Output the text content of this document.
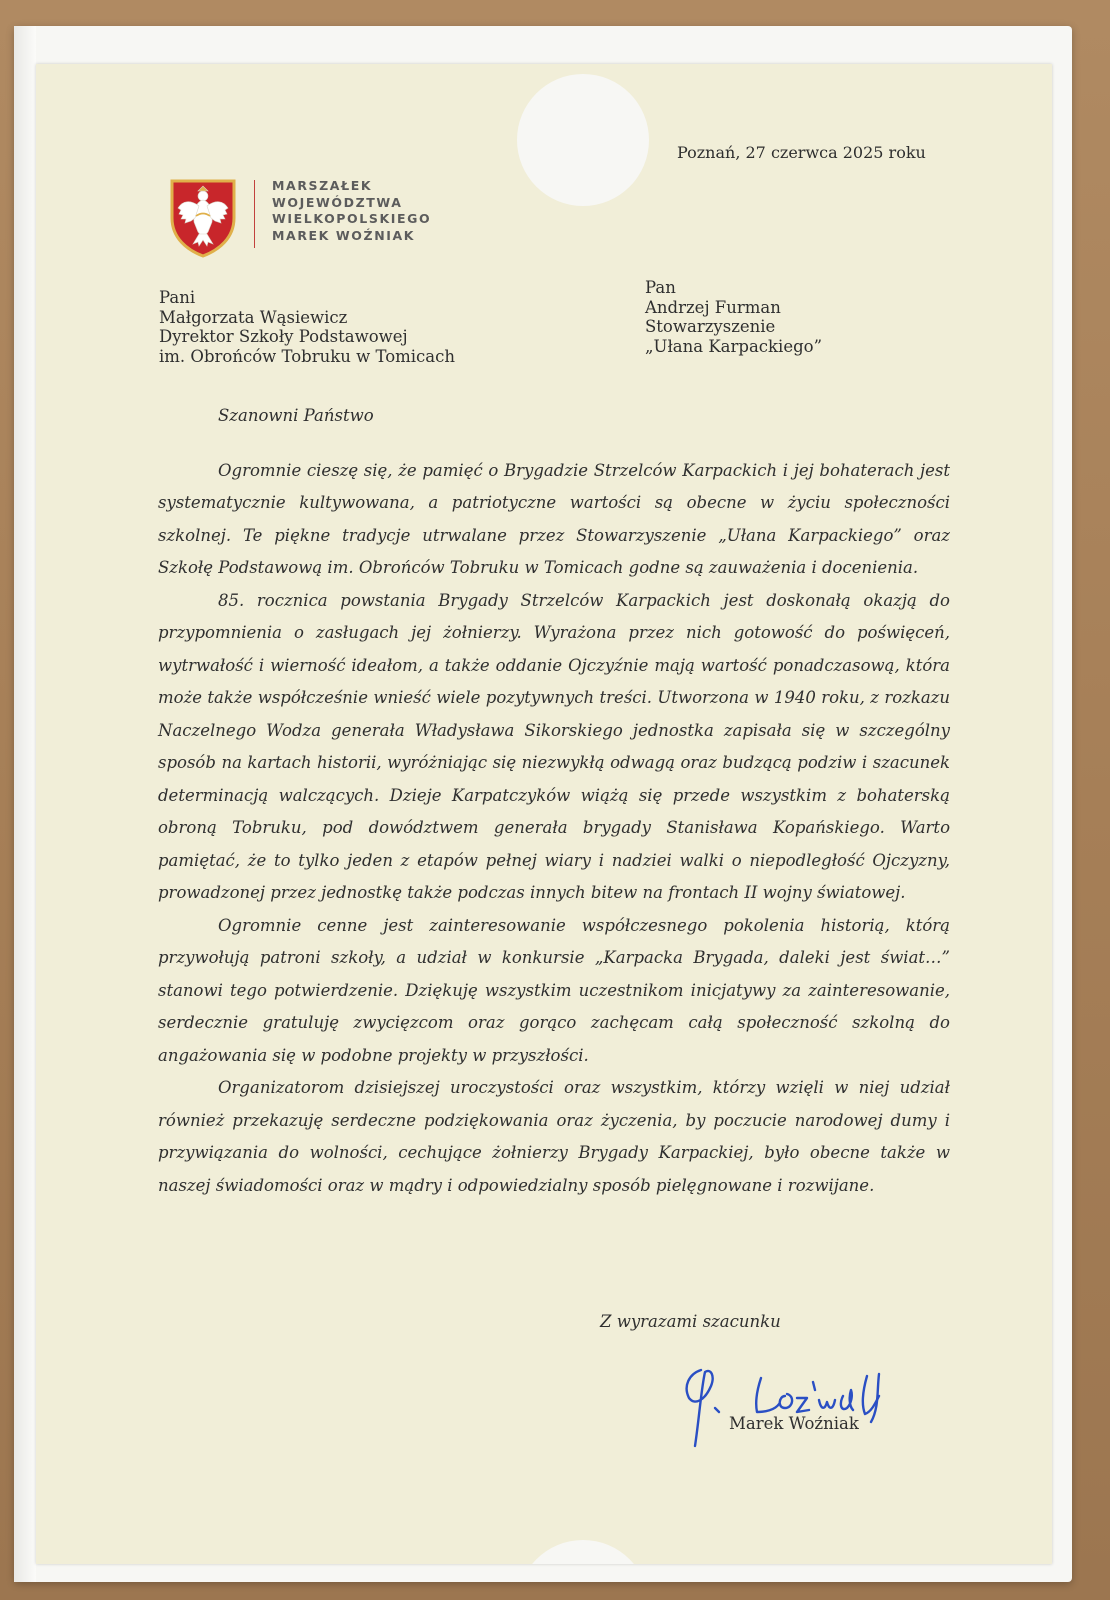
Poznań, 27 czerwca 2025 roku
MARSZAŁEK
WOJEWÓDZTWA
WIELKOPOLSKIEGO
MAREK WOŹNIAK
Pani
Małgorzata Wąsiewicz
Dyrektor Szkoły Podstawowej
im. Obrońców Tobruku w Tomicach
Pan
Andrzej Furman
Stowarzyszenie
„Ułana Karpackiego”
Szanowni Państwo

Ogromnie cieszę się, że pamięć o Brygadzie Strzelców Karpackich i jej bohaterach jest systematycznie kultywowana, a patriotyczne wartości są obecne w życiu społeczności szkolnej. Te piękne tradycje utrwalane przez Stowarzyszenie „Ułana Karpackiego” oraz Szkołę Podstawową im. Obrońców Tobruku w Tomicach godne są zauważenia i docenienia.

85. rocznica powstania Brygady Strzelców Karpackich jest doskonałą okazją do przypomnienia o zasługach jej żołnierzy. Wyrażona przez nich gotowość do poświęceń, wytrwałość i wierność ideałom, a także oddanie Ojczyźnie mają wartość ponadczasową, która może także współcześnie wnieść wiele pozytywnych treści. Utworzona w 1940 roku, z rozkazu Naczelnego Wodza generała Władysława Sikorskiego jednostka zapisała się w szczególny sposób na kartach historii, wyróżniając się niezwykłą odwagą oraz budzącą podziw i szacunek determinacją walczących. Dzieje Karpatczyków wiążą się przede wszystkim z bohaterską obroną Tobruku, pod dowództwem generała brygady Stanisława Kopańskiego. Warto pamiętać, że to tylko jeden z etapów pełnej wiary i nadziei walki o niepodległość Ojczyzny, prowadzonej przez jednostkę także podczas innych bitew na frontach II wojny światowej.

Ogromnie cenne jest zainteresowanie współczesnego pokolenia historią, którą przywołują patroni szkoły, a udział w konkursie „Karpacka Brygada, daleki jest świat…” stanowi tego potwierdzenie. Dziękuję wszystkim uczestnikom inicjatywy za zainteresowanie, serdecznie gratuluję zwycięzcom oraz gorąco zachęcam całą społeczność szkolną do angażowania się w podobne projekty w przyszłości.

Organizatorom dzisiejszej uroczystości oraz wszystkim, którzy wzięli w niej udział również przekazuję serdeczne podziękowania oraz życzenia, by poczucie narodowej dumy i przywiązania do wolności, cechujące żołnierzy Brygady Karpackiej, było obecne także w naszej świadomości oraz w mądry i odpowiedzialny sposób pielęgnowane i rozwijane.

Z wyrazami szacunku
Marek Woźniak
